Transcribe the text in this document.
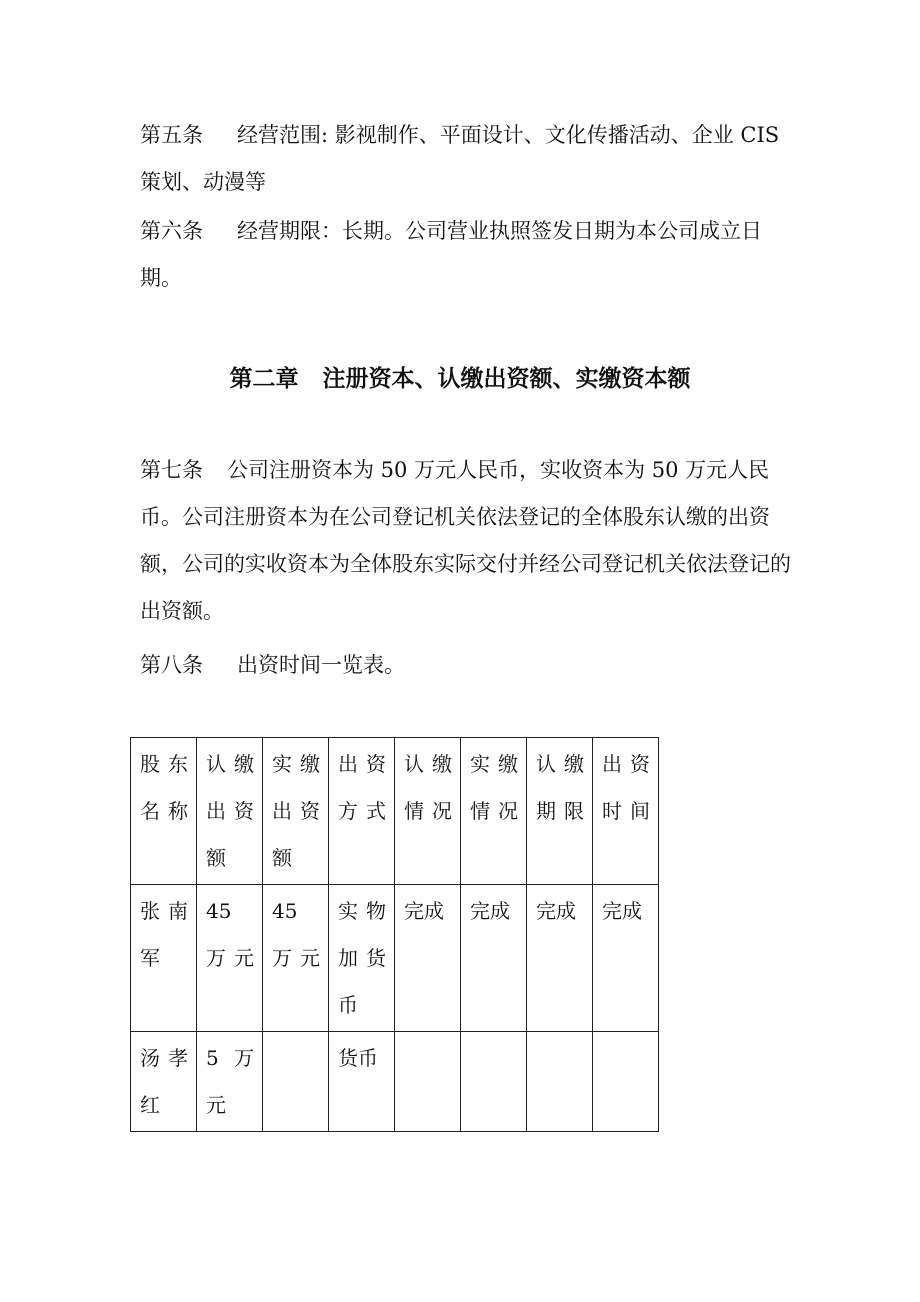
第五条 经营范围: 影视制作、平面设计、文化传播活动、企业 CIS 策划、动漫等

第六条 经营期限：长期。公司营业执照签发日期为本公司成立日期。

第二章 注册资本、认缴出资额、实缴资本额

第七条 公司注册资本为 50 万元人民币，实收资本为 50 万元人民币。公司注册资本为在公司登记机关依法登记的全体股东认缴的出资额，公司的实收资本为全体股东实际交付并经公司登记机关依法登记的出资额。

第八条 出资时间一览表。

股东名称	认缴出资额	实缴出资额	出资方式	认缴情况	实缴情况	认缴期限	出资时间
张南军	45 万元	45 万元	实物加货币	完成	完成	完成	完成
汤孝红	5 万元		货币				
